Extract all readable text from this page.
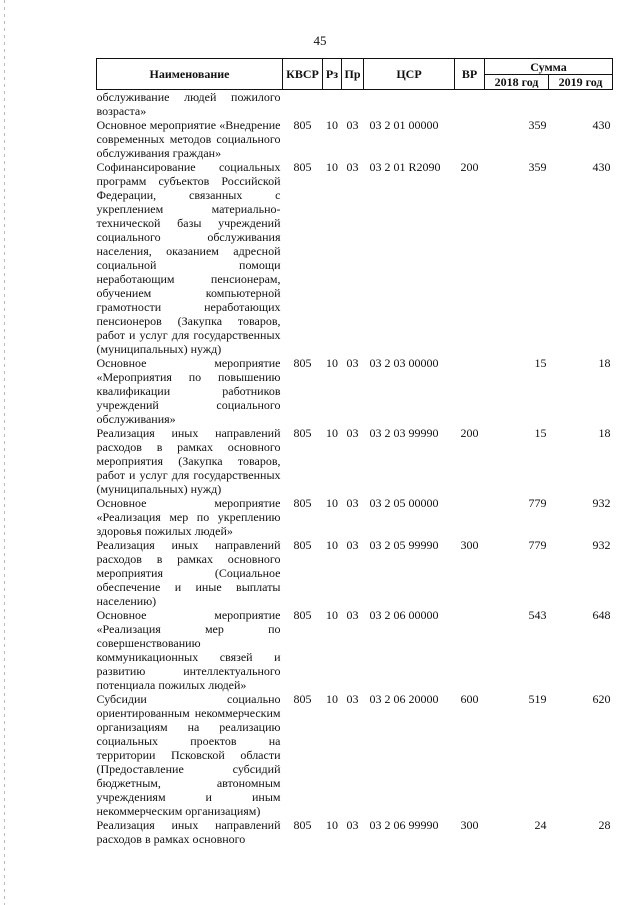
45
Наименование	КВСР	Рз	Пр	ЦСР	ВР	Сумма	
						2018 год	2019 год
обслуживание людей пожилого возраста»							
Основное мероприятие «Внедрение современных методов социального обслуживания граждан»	805	10	03	03 2 01 00000		359	430
Софинансирование социальных программ субъектов Российской Федерации, связанных с укреплением материально-технической базы учреждений социального обслуживания населения, оказанием адресной социальной помощи неработающим пенсионерам, обучением компьютерной грамотности неработающих пенсионеров (Закупка товаров, работ и услуг для государственных (муниципальных) нужд)	805	10	03	03 2 01 R2090	200	359	430
Основное мероприятие «Мероприятия по повышению квалификации работников учреждений социального обслуживания»	805	10	03	03 2 03 00000		15	18
Реализация иных направлений расходов в рамках основного мероприятия (Закупка товаров, работ и услуг для государственных (муниципальных) нужд)	805	10	03	03 2 03 99990	200	15	18
Основное мероприятие «Реализация мер по укреплению здоровья пожилых людей»	805	10	03	03 2 05 00000		779	932
Реализация иных направлений расходов в рамках основного мероприятия (Социальное обеспечение и иные выплаты населению)	805	10	03	03 2 05 99990	300	779	932
Основное мероприятие «Реализация мер по совершенствованию коммуникационных связей и развитию интеллектуального потенциала пожилых людей»	805	10	03	03 2 06 00000		543	648
Субсидии социально ориентированным некоммерческим организациям на реализацию социальных проектов на территории Псковской области (Предоставление субсидий бюджетным, автономным учреждениям и иным некоммерческим организациям)	805	10	03	03 2 06 20000	600	519	620
Реализация иных направлений расходов в рамках основного	805	10	03	03 2 06 99990	300	24	28
